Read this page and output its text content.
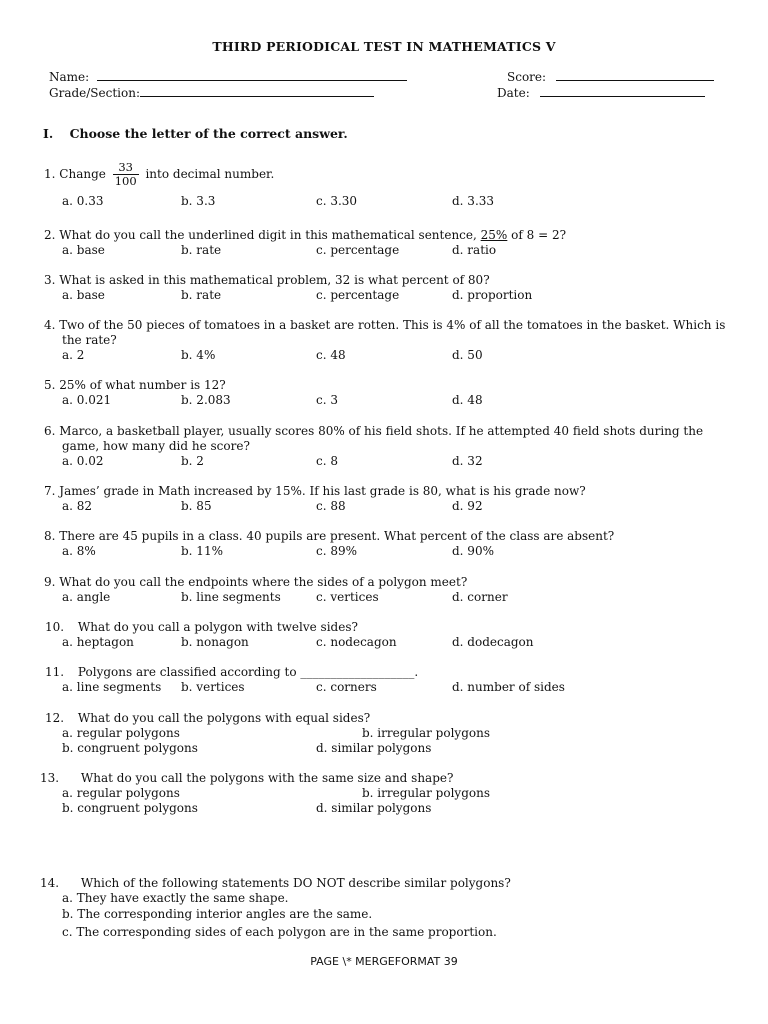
THIRD PERIODICAL TEST IN MATHEMATICS V
Name:	Score:
Grade/Section:	Date:
I. Choose the letter of the correct answer.
1. Change $\frac{33}{100}$ into decimal number.
a. 0.33	b. 3.3	c. 3.30	d. 3.33
2. What do you call the underlined digit in this mathematical sentence, 25% of 8 = 2?
a. base	b. rate	c. percentage	d. ratio
3. What is asked in this mathematical problem, 32 is what percent of 80?
a. base	b. rate	c. percentage	d. proportion
4. Two of the 50 pieces of tomatoes in a basket are rotten. This is 4% of all the tomatoes in the basket. Which is
the rate?
a. 2	b. 4%	c. 48	d. 50
5. 25% of what number is 12?
a. 0.021	b. 2.083	c. 3	d. 48
6. Marco, a basketball player, usually scores 80% of his field shots. If he attempted 40 field shots during the
game, how many did he score?
a. 0.02	b. 2	c. 8	d. 32
7. James’ grade in Math increased by 15%. If his last grade is 80, what is his grade now?
a. 82	b. 85	c. 88	d. 92
8. There are 45 pupils in a class. 40 pupils are present. What percent of the class are absent?
a. 8%	b. 11%	c. 89%	d. 90%
9. What do you call the endpoints where the sides of a polygon meet?
a. angle	b. line segments	c. vertices	d. corner
10. What do you call a polygon with twelve sides?
a. heptagon	b. nonagon	c. nodecagon	d. dodecagon
11. Polygons are classified according to ___________________.
a. line segments b. vertices	c. corners	d. number of sides
12. What do you call the polygons with equal sides?
a. regular polygons	b. irregular polygons
b. congruent polygons	d. similar polygons
13. What do you call the polygons with the same size and shape?
a. regular polygons	b. irregular polygons
b. congruent polygons	d. similar polygons
14. Which of the following statements DO NOT describe similar polygons?
a. They have exactly the same shape.
b. The corresponding interior angles are the same.
c. The corresponding sides of each polygon are in the same proportion.
PAGE \* MERGEFORMAT 39
